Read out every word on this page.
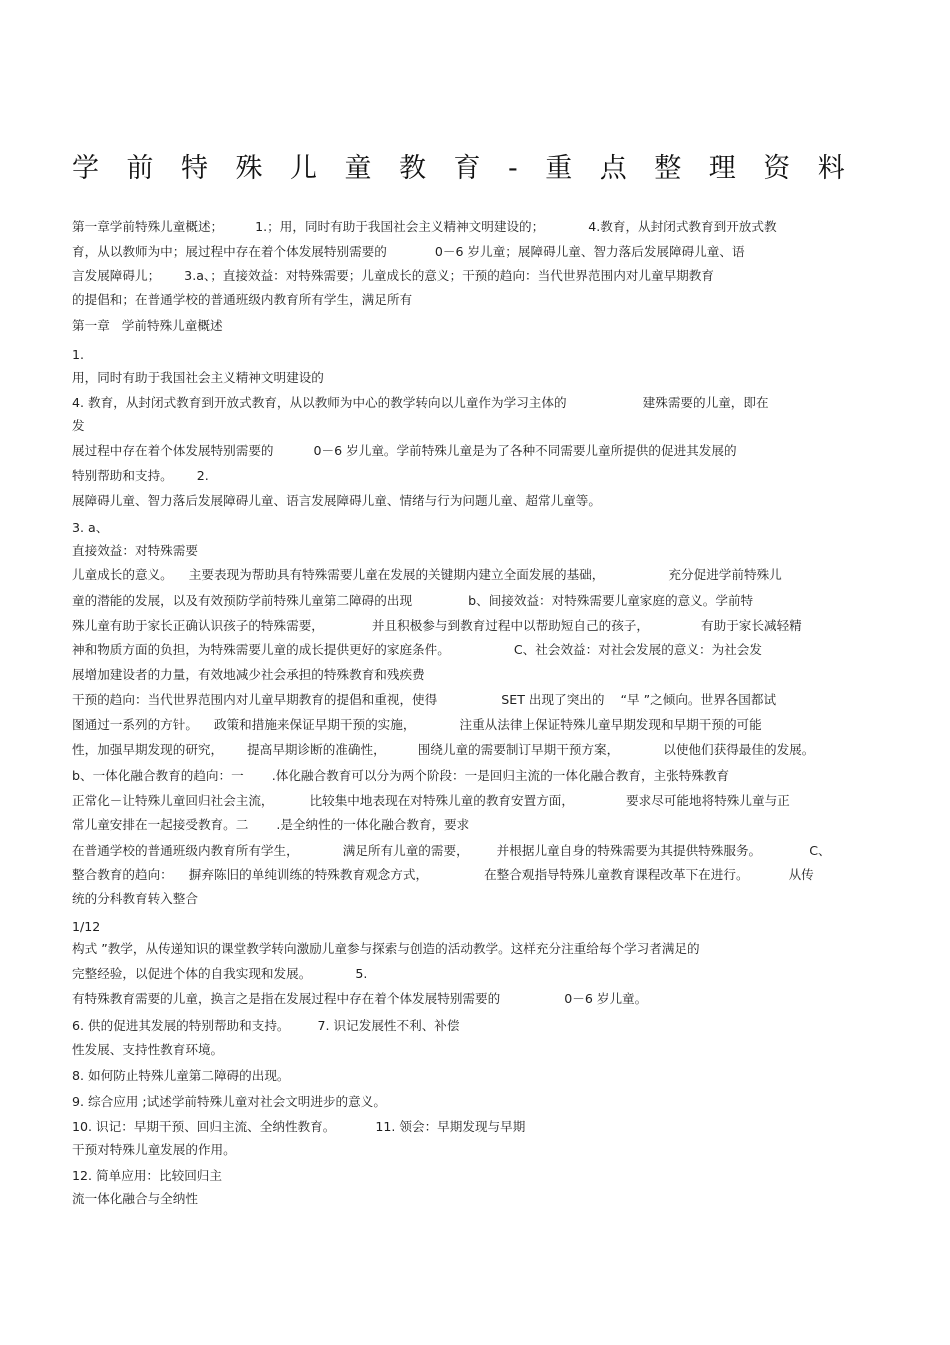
学前特殊儿童教育-重点整理资料
第一章学前特殊儿童概述；        1.；用，同时有助于我国社会主义精神文明建设的；           4.教育，从封闭式教育到开放式教
育，从以教师为中；展过程中存在着个体发展特别需要的            0－6 岁儿童；展障碍儿童、智力落后发展障碍儿童、语
言发展障碍儿；      3.a、；直接效益：对特殊需要；儿童成长的意义；干预的趋向：当代世界范围内对儿童早期教育
的提倡和；在普通学校的普通班级内教育所有学生，满足所有
第一章   学前特殊儿童概述
1.
用，同时有助于我国社会主义精神文明建设的
4. 教育，从封闭式教育到开放式教育，从以教师为中心的教学转向以儿童作为学习主体的                   建殊需要的儿童，即在
发
展过程中存在着个体发展特别需要的          0－6 岁儿童。学前特殊儿童是为了各种不同需要儿童所提供的促进其发展的
特别帮助和支持。      2.
展障碍儿童、智力落后发展障碍儿童、语言发展障碍儿童、情绪与行为问题儿童、超常儿童等。
3. a、
直接效益：对特殊需要
儿童成长的意义。    主要表现为帮助具有特殊需要儿童在发展的关键期内建立全面发展的基础，                充分促进学前特殊儿
童的潜能的发展，以及有效预防学前特殊儿童第二障碍的出现              b、间接效益：对特殊需要儿童家庭的意义。学前特
殊儿童有助于家长正确认识孩子的特殊需要，            并且积极参与到教育过程中以帮助短自己的孩子，             有助于家长减轻精
神和物质方面的负担，为特殊需要儿童的成长提供更好的家庭条件。                C、社会效益：对社会发展的意义：为社会发
展增加建设者的力量，有效地减少社会承担的特殊教育和残疾费
干预的趋向：当代世界范围内对儿童早期教育的提倡和重视，使得                SET 出现了突出的    “早 ”之倾向。世界各国都试
图通过一系列的方针。    政策和措施来保证早期干预的实施，           注重从法律上保证特殊儿童早期发现和早期干预的可能
性，加强早期发现的研究，      提高早期诊断的准确性，        围绕儿童的需要制订早期干预方案，           以使他们获得最佳的发展。
b、一体化融合教育的趋向：一       .体化融合教育可以分为两个阶段：一是回归主流的一体化融合教育，主张特殊教育
正常化－让特殊儿童回归社会主流，         比较集中地表现在对特殊儿童的教育安置方面，             要求尽可能地将特殊儿童与正
常儿童安排在一起接受教育。二       .是全纳性的一体化融合教育，要求
在普通学校的普通班级内教育所有学生，           满足所有儿童的需要，       并根据儿童自身的特殊需要为其提供特殊服务。            C、
整合教育的趋向：    摒弃陈旧的单纯训练的特殊教育观念方式，              在整合观指导特殊儿童教育课程改革下在进行。          从传
统的分科教育转入整合
1/12
构式 ”教学，从传递知识的课堂教学转向激励儿童参与探索与创造的活动教学。这样充分注重给每个学习者满足的
完整经验，以促进个体的自我实现和发展。           5.
有特殊教育需要的儿童，换言之是指在发展过程中存在着个体发展特别需要的                0－6 岁儿童。
6. 供的促进其发展的特别帮助和支持。       7. 识记发展性不利、补偿
性发展、支持性教育环境。
8. 如何防止特殊儿童第二障碍的出现。
9. 综合应用 ;试述学前特殊儿童对社会文明进步的意义。
10. 识记：早期干预、回归主流、全纳性教育。          11. 领会：早期发现与早期
干预对特殊儿童发展的作用。
12. 简单应用：比较回归主
流一体化融合与全纳性
